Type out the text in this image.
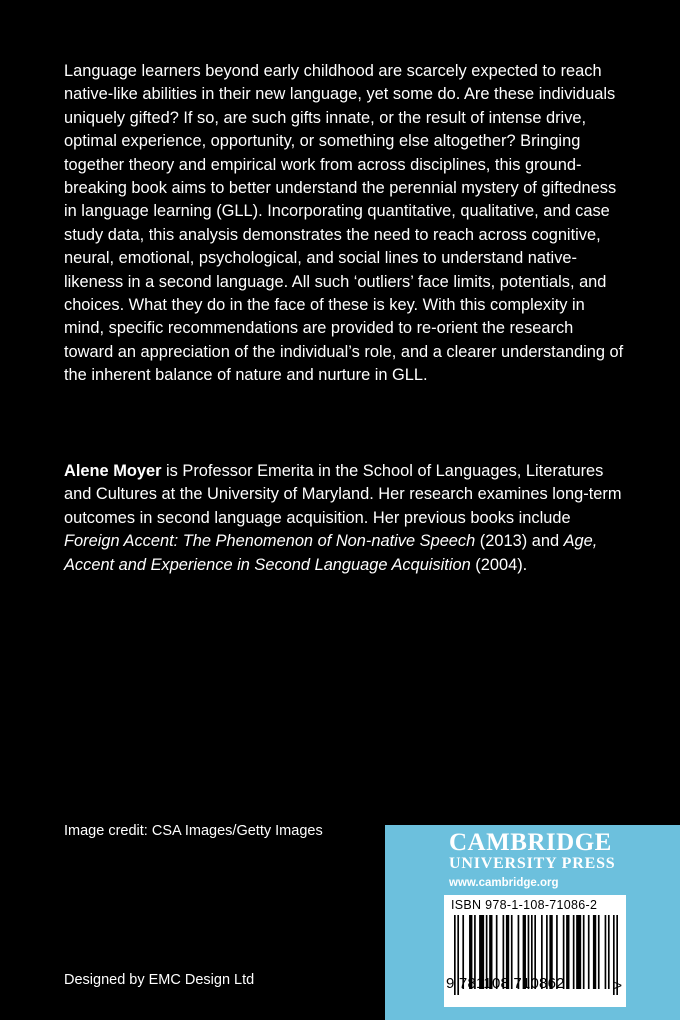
Language learners beyond early childhood are scarcely expected to reach native-like abilities in their new language, yet some do. Are these individuals uniquely gifted? If so, are such gifts innate, or the result of intense drive, optimal experience, opportunity, or something else altogether? Bringing together theory and empirical work from across disciplines, this ground-breaking book aims to better understand the perennial mystery of giftedness in language learning (GLL). Incorporating quantitative, qualitative, and case study data, this analysis demonstrates the need to reach across cognitive, neural, emotional, psychological, and social lines to understand native-likeness in a second language. All such ‘outliers’ face limits, potentials, and choices. What they do in the face of these is key. With this complexity in mind, specific recommendations are provided to re-orient the research toward an appreciation of the individual’s role, and a clearer understanding of the inherent balance of nature and nurture in GLL.

Alene Moyer is Professor Emerita in the School of Languages, Literatures and Cultures at the University of Maryland. Her research examines long-term outcomes in second language acquisition. Her previous books include Foreign Accent: The Phenomenon of Non-native Speech (2013) and Age, Accent and Experience in Second Language Acquisition (2004).

Image credit: CSA Images/Getty Images
Designed by EMC Design Ltd
CAMBRIDGE
UNIVERSITY PRESS
www.cambridge.org
ISBN 978-1-108-71086-2
9 781108 710862	>
